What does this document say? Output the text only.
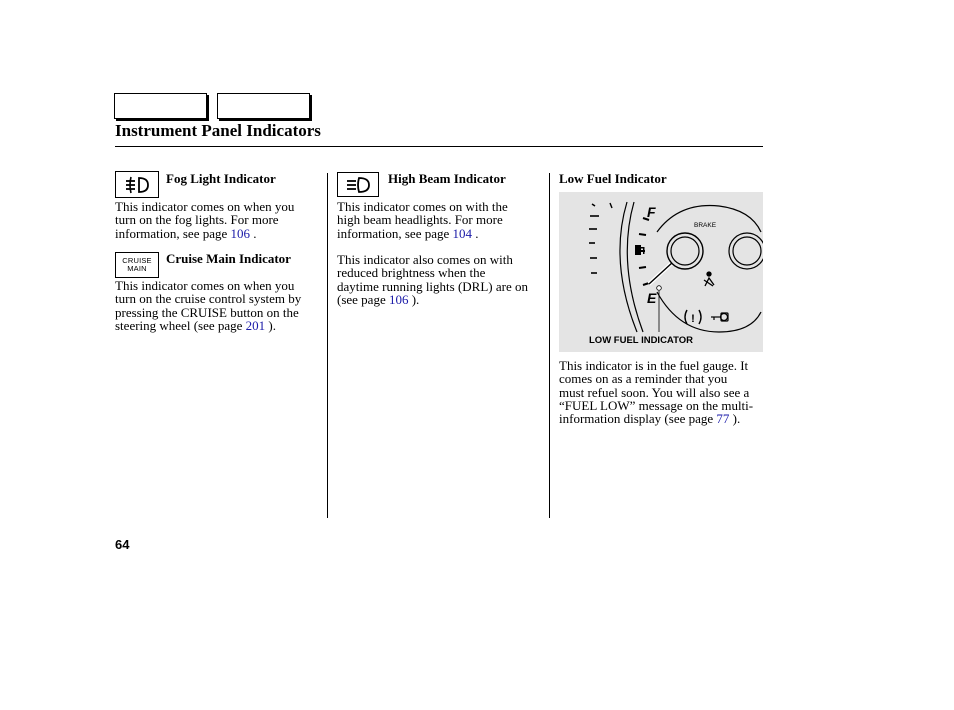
Instrument Panel Indicators
Fog Light Indicator
This indicator comes on when you
turn on the fog lights. For more
information, see page 106 .
CRUISE
MAIN
Cruise Main Indicator
This indicator comes on when you
turn on the cruise control system by
pressing the CRUISE button on the
steering wheel (see page 201 ).
High Beam Indicator
This indicator comes on with the
high beam headlights. For more
information, see page 104 .
This indicator also comes on with
reduced brightness when the
daytime running lights (DRL) are on
(see page 106 ).
Low Fuel Indicator
F
E
BRAKE
!
LOW FUEL INDICATOR
This indicator is in the fuel gauge. It
comes on as a reminder that you
must refuel soon. You will also see a
“FUEL LOW” message on the multi-
information display (see page 77 ).
64
